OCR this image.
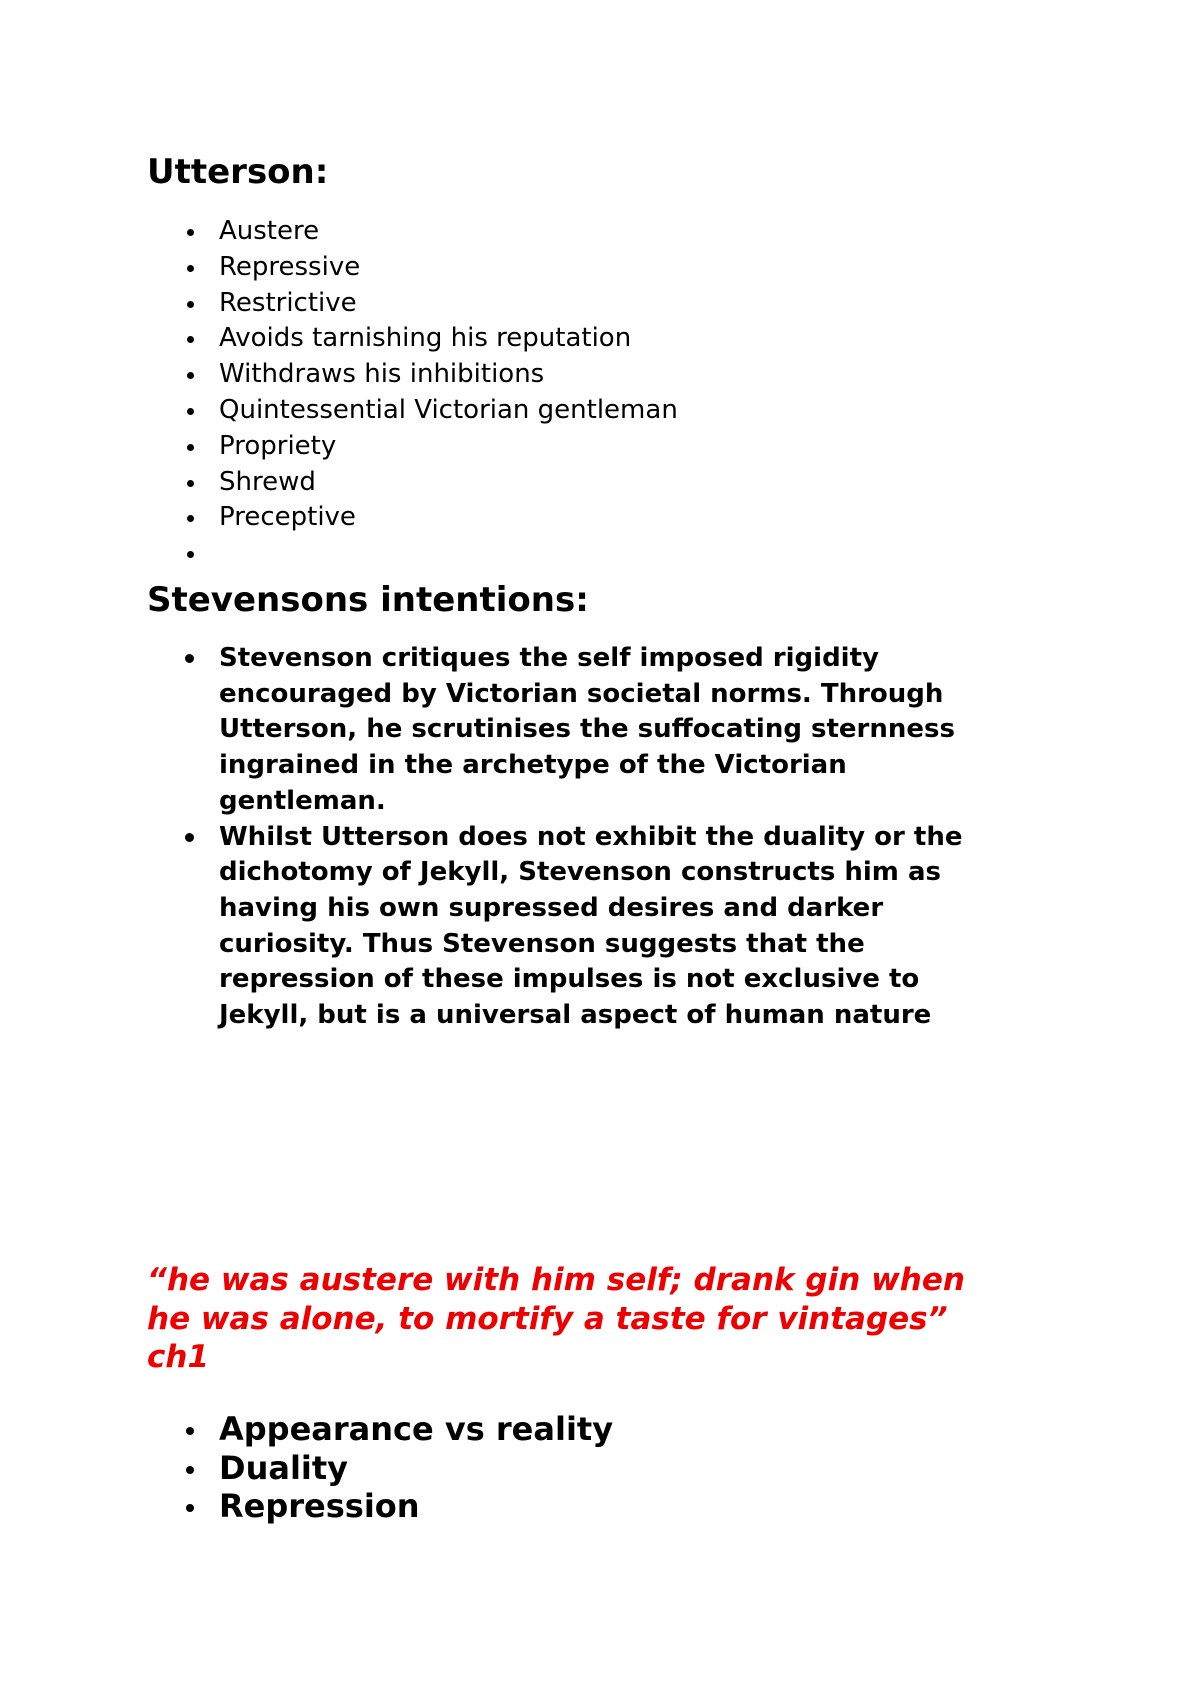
Utterson:
Austere
Repressive
Restrictive
Avoids tarnishing his reputation
Withdraws his inhibitions
Quintessential Victorian gentleman
Propriety
Shrewd
Preceptive
Stevensons intentions:
Stevenson critiques the self imposed rigidity
encouraged by Victorian societal norms. Through
Utterson, he scrutinises the suffocating sternness
ingrained in the archetype of the Victorian
gentleman.
Whilst Utterson does not exhibit the duality or the
dichotomy of Jekyll, Stevenson constructs him as
having his own supressed desires and darker
curiosity. Thus Stevenson suggests that the
repression of these impulses is not exclusive to
Jekyll, but is a universal aspect of human nature

“he was austere with him self; drank gin when
he was alone, to mortify a taste for vintages”
ch1

Appearance vs reality
Duality
Repression
